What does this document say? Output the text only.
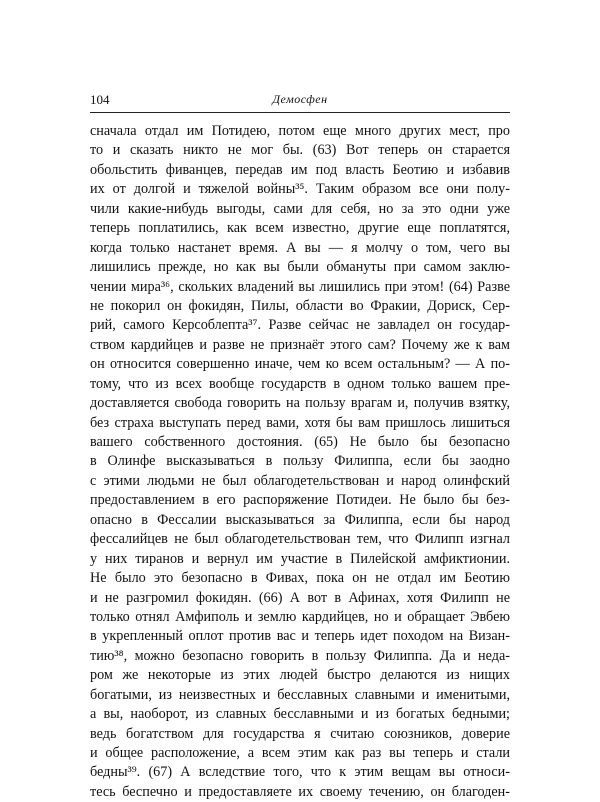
104	Демосфен
сначала отдал им Потидею, потом еще много других мест, про
то и сказать никто не мог бы. (63) Вот теперь он старается
обольстить фиванцев, передав им под власть Беотию и избавив
их от долгой и тяжелой войны³⁵. Таким образом все они полу-
чили какие-нибудь выгоды, сами для себя, но за это одни уже
теперь поплатились, как всем известно, другие еще поплатятся,
когда только настанет время. А вы — я молчу о том, чего вы
лишились прежде, но как вы были обмануты при самом заклю-
чении мира³⁶, скольких владений вы лишились при этом! (64) Разве
не покорил он фокидян, Пилы, области во Фракии, Дориск, Сер-
рий, самого Керсоблепта³⁷. Разве сейчас не завладел он государ-
ством кардийцев и разве не признаёт этого сам? Почему же к вам
он относится совершенно иначе, чем ко всем остальным? — А по-
тому, что из всех вообще государств в одном только вашем пре-
доставляется свобода говорить на пользу врагам и, получив взятку,
без страха выступать перед вами, хотя бы вам пришлось лишиться
вашего собственного достояния. (65) Не было бы безопасно
в Олинфе высказываться в пользу Филиппа, если бы заодно
с этими людьми не был облагодетельствован и народ олинфский
предоставлением в его распоряжение Потидеи. Не было бы без-
опасно в Фессалии высказываться за Филиппа, если бы народ
фессалийцев не был облагодетельствован тем, что Филипп изгнал
у них тиранов и вернул им участие в Пилейской амфиктионии.
Не было это безопасно в Фивах, пока он не отдал им Беотию
и не разгромил фокидян. (66) А вот в Афинах, хотя Филипп не
только отнял Амфиполь и землю кардийцев, но и обращает Эвбею
в укрепленный оплот против вас и теперь идет походом на Визан-
тию³⁸, можно безопасно говорить в пользу Филиппа. Да и неда-
ром же некоторые из этих людей быстро делаются из нищих
богатыми, из неизвестных и бесславных славными и именитыми,
а вы, наоборот, из славных бесславными и из богатых бедными;
ведь богатством для государства я считаю союзников, доверие
и общее расположение, а всем этим как раз вы теперь и стали
бедны³⁹. (67) А вследствие того, что к этим вещам вы относи-
тесь беспечно и предоставляете их своему течению, он благоден-
